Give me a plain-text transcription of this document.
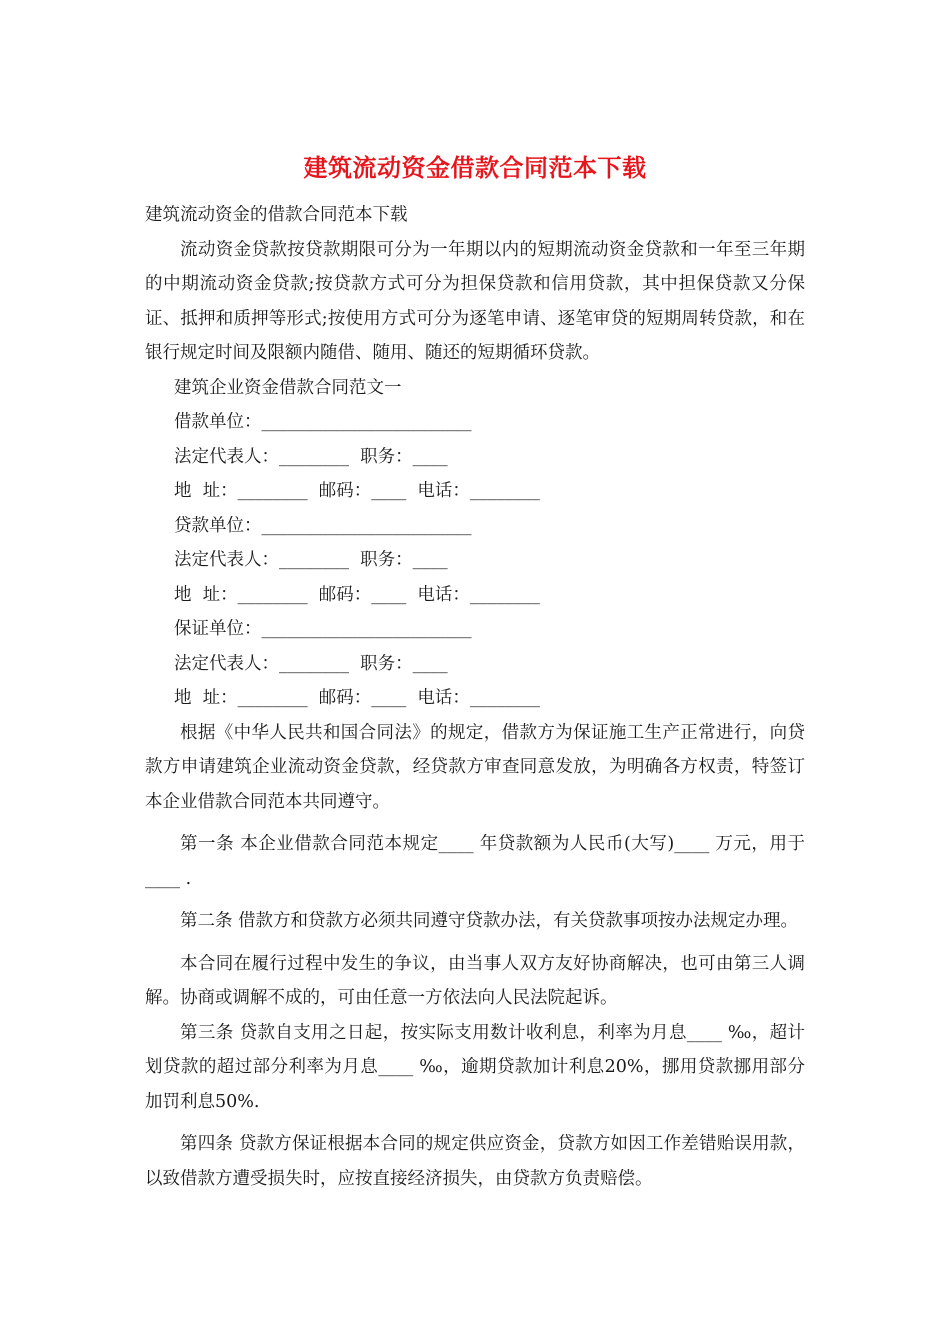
建筑流动资金借款合同范本下载

建筑流动资金的借款合同范本下载

流动资金贷款按贷款期限可分为一年期以内的短期流动资金贷款和一年至三年期的中期流动资金贷款;按贷款方式可分为担保贷款和信用贷款，其中担保贷款又分保证、抵押和质押等形式;按使用方式可分为逐笔申请、逐笔审贷的短期周转贷款，和在银行规定时间及限额内随借、随用、随还的短期循环贷款。

建筑企业资金借款合同范文一

借款单位：________________________

法定代表人：________  职务：____

地  址：________  邮码：____  电话：________

贷款单位：________________________

法定代表人：________  职务：____

地  址：________  邮码：____  电话：________

保证单位：________________________

法定代表人：________  职务：____

地  址：________  邮码：____  电话：________

根据《中华人民共和国合同法》的规定，借款方为保证施工生产正常进行，向贷款方申请建筑企业流动资金贷款，经贷款方审查同意发放，为明确各方权责，特签订本企业借款合同范本共同遵守。

第一条 本企业借款合同范本规定____ 年贷款额为人民币(大写)____ 万元，用于____ .

第二条 借款方和贷款方必须共同遵守贷款办法，有关贷款事项按办法规定办理。

本合同在履行过程中发生的争议，由当事人双方友好协商解决，也可由第三人调解。协商或调解不成的，可由任意一方依法向人民法院起诉。

第三条 贷款自支用之日起，按实际支用数计收利息，利率为月息____ ‰，超计划贷款的超过部分利率为月息____ ‰，逾期贷款加计利息20%，挪用贷款挪用部分加罚利息50%.

第四条 贷款方保证根据本合同的规定供应资金，贷款方如因工作差错贻误用款，以致借款方遭受损失时，应按直接经济损失，由贷款方负责赔偿。
